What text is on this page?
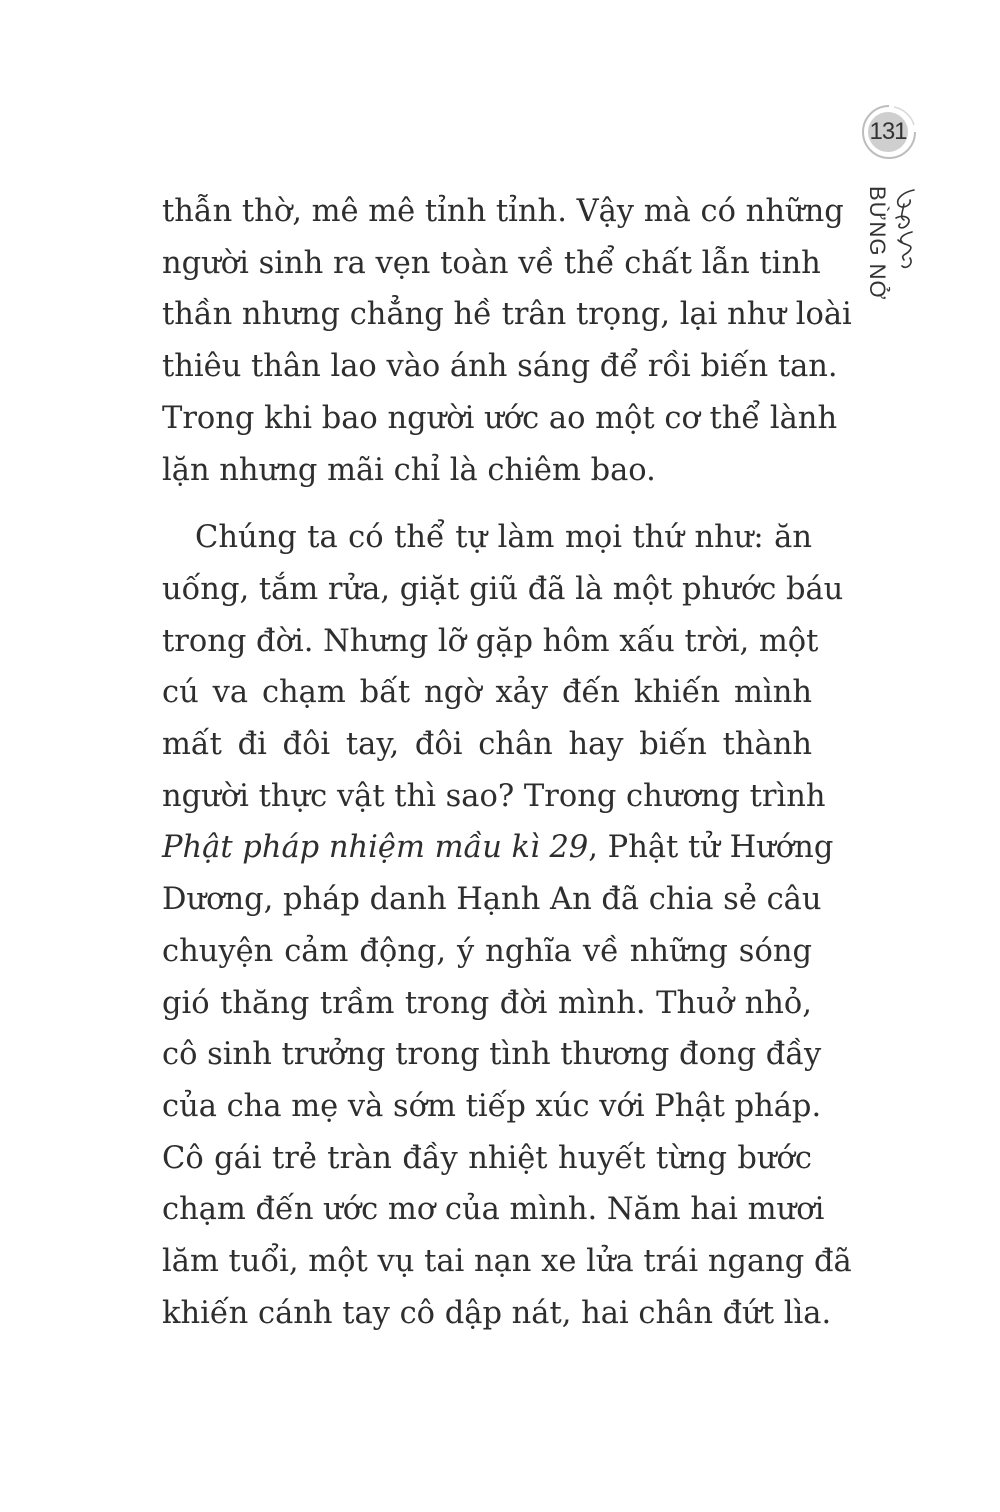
131
BỪNG NỞ

thẫn thờ, mê mê tỉnh tỉnh. Vậy mà có những
người sinh ra vẹn toàn về thể chất lẫn tinh
thần nhưng chẳng hề trân trọng, lại như loài
thiêu thân lao vào ánh sáng để rồi biến tan.
Trong khi bao người ước ao một cơ thể lành
lặn nhưng mãi chỉ là chiêm bao.

Chúng ta có thể tự làm mọi thứ như: ăn
uống, tắm rửa, giặt giũ đã là một phước báu
trong đời. Nhưng lỡ gặp hôm xấu trời, một
cú va chạm bất ngờ xảy đến khiến mình
mất đi đôi tay, đôi chân hay biến thành
người thực vật thì sao? Trong chương trình
Phật pháp nhiệm mầu kì 29, Phật tử Hướng
Dương, pháp danh Hạnh An đã chia sẻ câu
chuyện cảm động, ý nghĩa về những sóng
gió thăng trầm trong đời mình. Thuở nhỏ,
cô sinh trưởng trong tình thương đong đầy
của cha mẹ và sớm tiếp xúc với Phật pháp.
Cô gái trẻ tràn đầy nhiệt huyết từng bước
chạm đến ước mơ của mình. Năm hai mươi
lăm tuổi, một vụ tai nạn xe lửa trái ngang đã
khiến cánh tay cô dập nát, hai chân đứt lìa.
